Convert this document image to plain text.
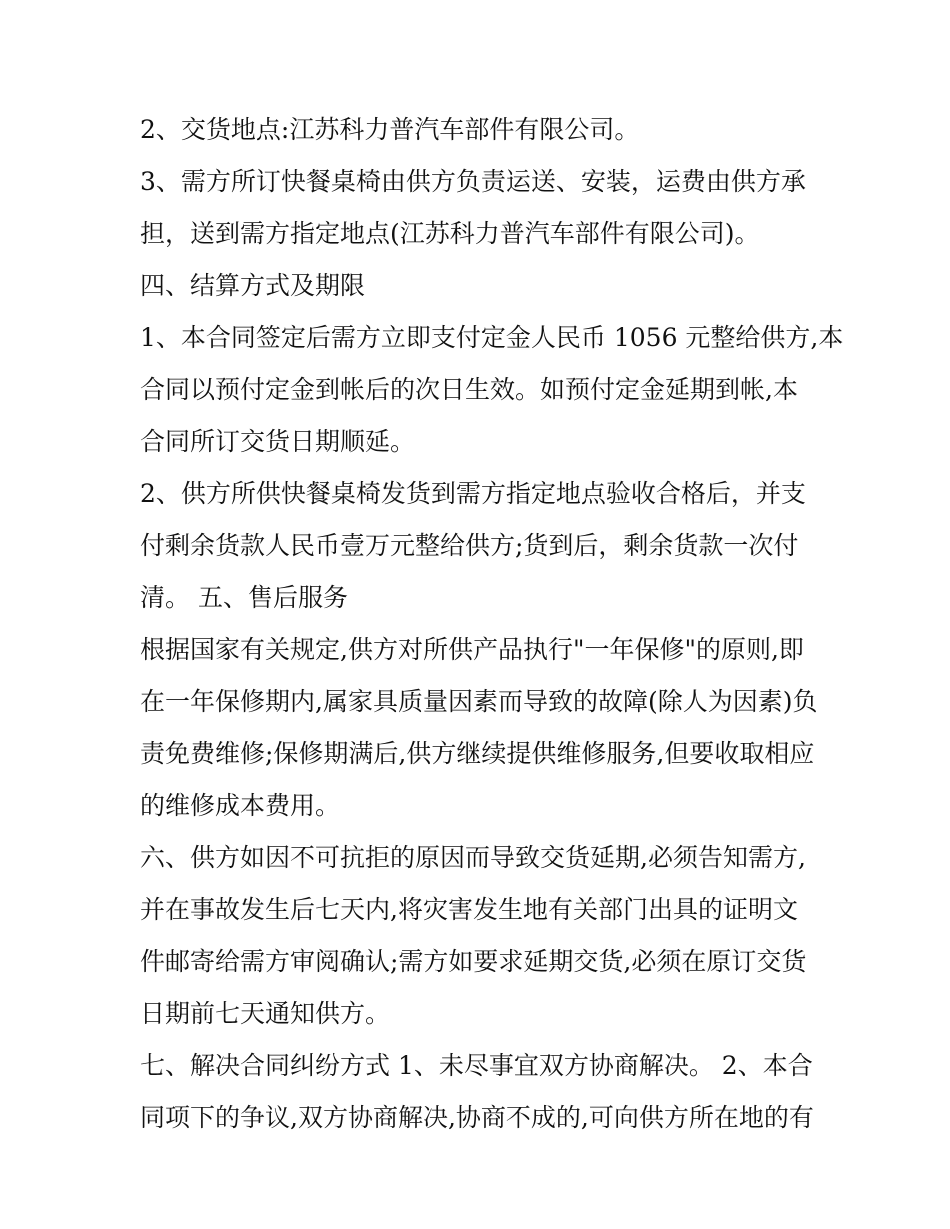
2、交货地点:江苏科力普汽车部件有限公司。
3、需方所订快餐桌椅由供方负责运送、安装，运费由供方承
担，送到需方指定地点(江苏科力普汽车部件有限公司)。
四、结算方式及期限
1、本合同签定后需方立即支付定金人民币 1056 元整给供方,本
合同以预付定金到帐后的次日生效。如预付定金延期到帐,本
合同所订交货日期顺延。
2、供方所供快餐桌椅发货到需方指定地点验收合格后，并支
付剩余货款人民币壹万元整给供方;货到后，剩余货款一次付
清。 五、售后服务
根据国家有关规定,供方对所供产品执行"一年保修"的原则,即
在一年保修期内,属家具质量因素而导致的故障(除人为因素)负
责免费维修;保修期满后,供方继续提供维修服务,但要收取相应
的维修成本费用。
六、供方如因不可抗拒的原因而导致交货延期,必须告知需方,
并在事故发生后七天内,将灾害发生地有关部门出具的证明文
件邮寄给需方审阅确认;需方如要求延期交货,必须在原订交货
日期前七天通知供方。
七、解决合同纠纷方式 1、未尽事宜双方协商解决。 2、本合
同项下的争议,双方协商解决,协商不成的,可向供方所在地的有
